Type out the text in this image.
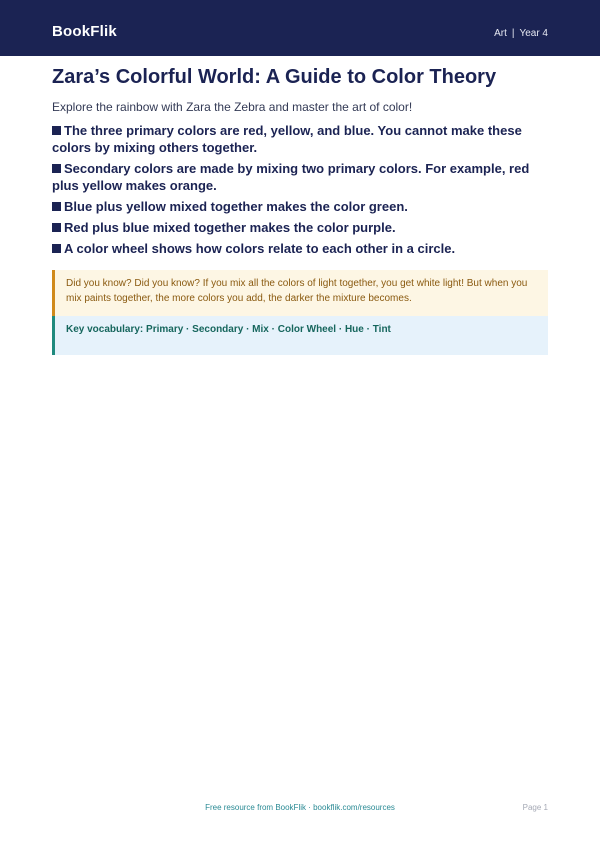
BookFlik	Art | Year 4
Zara’s Colorful World: A Guide to Color Theory

Explore the rainbow with Zara the Zebra and master the art of color!

The three primary colors are red, yellow, and blue. You cannot make these colors by mixing others together.
Secondary colors are made by mixing two primary colors. For example, red plus yellow makes orange.
Blue plus yellow mixed together makes the color green.
Red plus blue mixed together makes the color purple.
A color wheel shows how colors relate to each other in a circle.
Did you know? Did you know? If you mix all the colors of light together, you get white light! But when you mix paints together, the more colors you add, the darker the mixture becomes.
Key vocabulary: Primary · Secondary · Mix · Color Wheel · Hue · Tint
Free resource from BookFlik · bookflik.com/resources	Page 1
